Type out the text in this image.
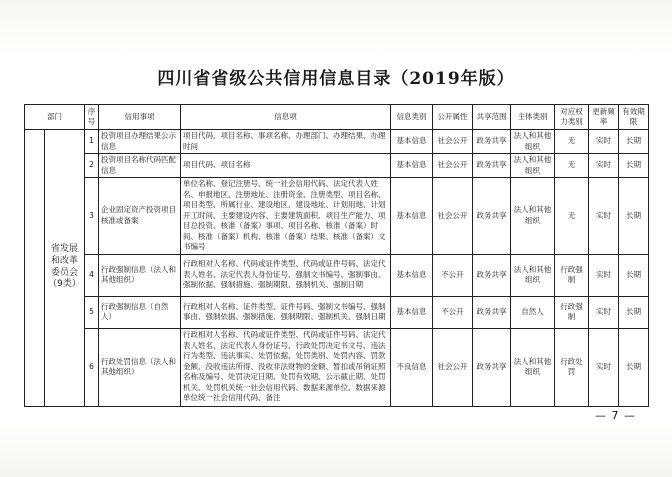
四川省省级公共信用信息目录（2019年版）
部门		序号	信用事项	信息项	信息类别	公开属性	共享范围	主体类别	对应权力类别	更新频率	有效期限
	省发展和改革委员会（9类）	1	投资项目办理结果公示信息	项目代码、项目名称、事项名称、办理部门、办理结果、办理时间	基本信息	社会公开	政务共享	法人和其他组织	无	实时	长期
		2	投资项目名称代码匹配信息	项目代码、项目名称	基本信息	社会公开	政务共享	法人和其他组织	无	实时	长期
		3	企业固定资产投资项目核准或备案	单位名称、登记注册号、统一社会信用代码、法定代表人姓名、申报地区、注册地址、注册资金、注册类型、项目名称、项目类型、所属行业、建设地区、建设地址、计划用地、计划开工时间、主要建设内容、主要建筑面积、项目生产能力、项目总投资、核准（备案）事项、项目名称、核准（备案）时间、核准（备案）机构、核准（备案）结果、核准（备案）文书编号	基本信息	社会公开	政务共享	法人和其他组织	无	实时	长期
		4	行政强制信息（法人和其他组织）	行政相对人名称、代码或证件类型、代码或证件号码、法定代表人姓名、法定代表人身份证号、强制文书编号、强制事由、强制依据、强制措施、强制期限、强制机关、强制日期	基本信息	不公开	政务共享	法人和其他组织	行政强制	实时	长期
		5	行政强制信息（自然人）	行政相对人名称、证件类型、证件号码、强制文书编号、强制事由、强制依据、强制措施、强制期限、强制机关、强制日期	基本信息	不公开	政务共享	自然人	行政强制	实时	长期
		6	行政处罚信息（法人和其他组织）	行政相对人名称、代码或证件类型、代码或证件号码、法定代表人姓名、法定代表人身份证号、行政处罚决定书文号、违法行为类型、违法事实、处罚依据、处罚类别、处罚内容、罚款金额、没收违法所得、没收非法财物的金额、暂扣或吊销证照名称及编号、处罚决定日期、处罚有效期、公示截止期、处罚机关、处罚机关统一社会信用代码、数据来源单位、数据来源单位统一社会信用代码、备注	不良信息	社会公开	政务共享	法人和其他组织	行政处罚	实时	长期
— 7 —
